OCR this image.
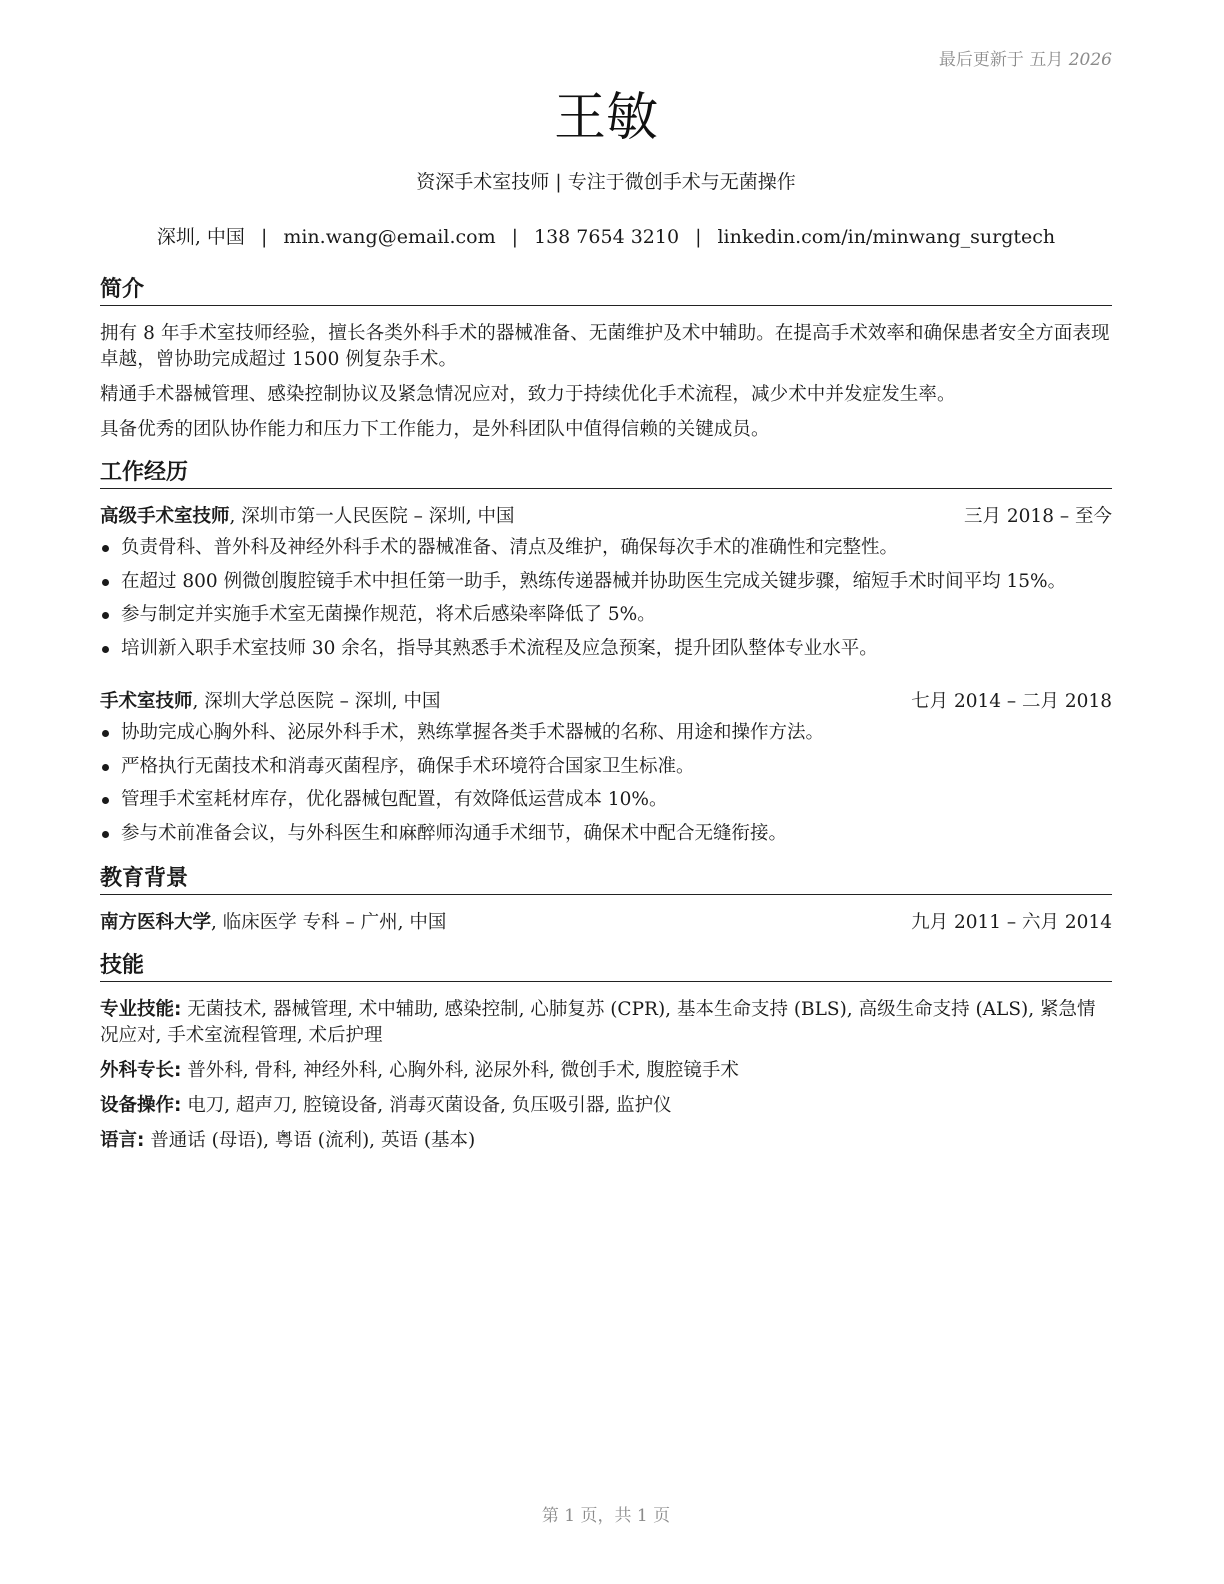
最后更新于 五月 2026
王敏
资深手术室技师 | 专注于微创手术与无菌操作
深圳, 中国 | min.wang@email.com | 138 7654 3210 | linkedin.com/in/minwang_surgtech
简介
拥有 8 年手术室技师经验，擅长各类外科手术的器械准备、无菌维护及术中辅助。在提高手术效率和确保患者安全方面表现卓越，曾协助完成超过 1500 例复杂手术。
精通手术器械管理、感染控制协议及紧急情况应对，致力于持续优化手术流程，减少术中并发症发生率。
具备优秀的团队协作能力和压力下工作能力，是外科团队中值得信赖的关键成员。
工作经历
高级手术室技师, 深圳市第一人民医院 – 深圳, 中国	三月 2018 – 至今
负责骨科、普外科及神经外科手术的器械准备、清点及维护，确保每次手术的准确性和完整性。
在超过 800 例微创腹腔镜手术中担任第一助手，熟练传递器械并协助医生完成关键步骤，缩短手术时间平均 15%。
参与制定并实施手术室无菌操作规范，将术后感染率降低了 5%。
培训新入职手术室技师 30 余名，指导其熟悉手术流程及应急预案，提升团队整体专业水平。
手术室技师, 深圳大学总医院 – 深圳, 中国	七月 2014 – 二月 2018
协助完成心胸外科、泌尿外科手术，熟练掌握各类手术器械的名称、用途和操作方法。
严格执行无菌技术和消毒灭菌程序，确保手术环境符合国家卫生标准。
管理手术室耗材库存，优化器械包配置，有效降低运营成本 10%。
参与术前准备会议，与外科医生和麻醉师沟通手术细节，确保术中配合无缝衔接。
教育背景
南方医科大学, 临床医学 专科 – 广州, 中国	九月 2011 – 六月 2014
技能
专业技能: 无菌技术, 器械管理, 术中辅助, 感染控制, 心肺复苏 (CPR), 基本生命支持 (BLS), 高级生命支持 (ALS), 紧急情况应对, 手术室流程管理, 术后护理
外科专长: 普外科, 骨科, 神经外科, 心胸外科, 泌尿外科, 微创手术, 腹腔镜手术
设备操作: 电刀, 超声刀, 腔镜设备, 消毒灭菌设备, 负压吸引器, 监护仪
语言: 普通话 (母语), 粤语 (流利), 英语 (基本)
第 1 页，共 1 页
